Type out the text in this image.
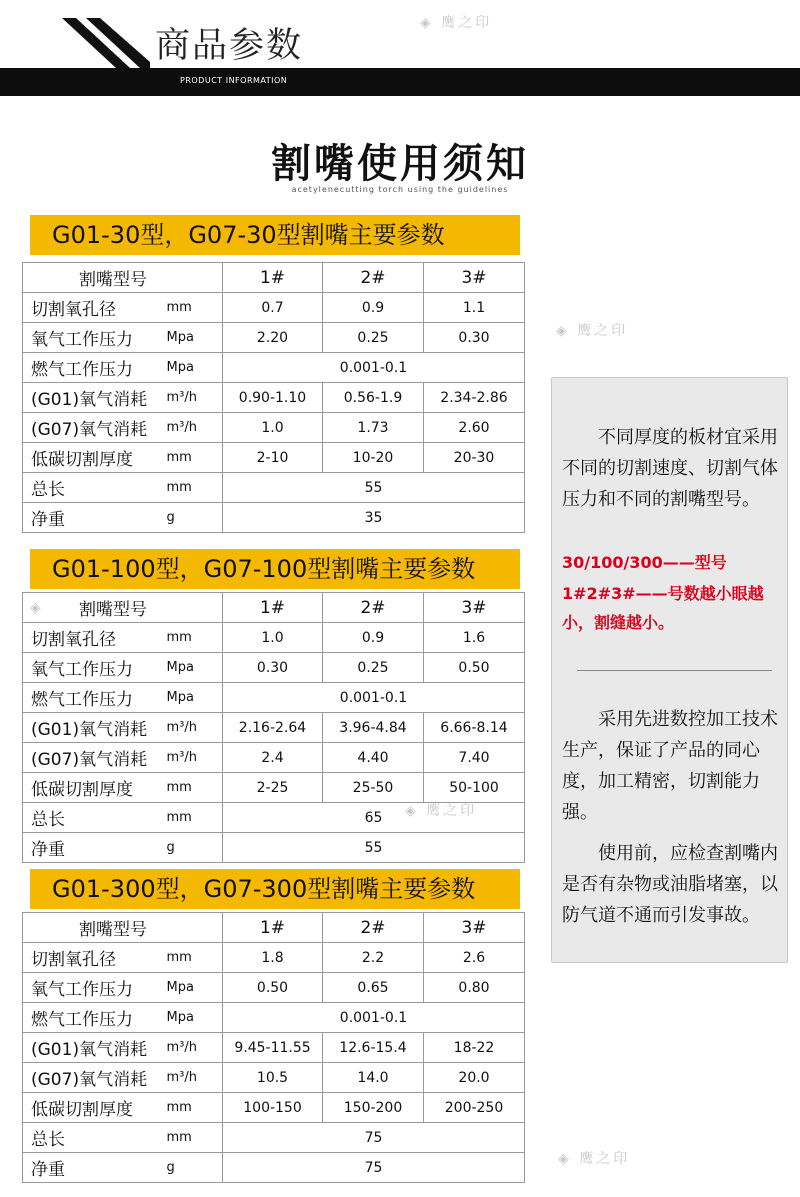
商品参数
PRODUCT INFORMATION
◈ 鹰之印
◈ 鹰之印
◈
◈ 鹰之印
◈ 鹰之印
割嘴使用须知
acetylenecutting torch using the guidelines
G01-30型，G07-30型割嘴主要参数
割嘴型号		1#	2#	3#
切割氧孔径	mm	0.7	0.9	1.1
氧气工作压力	Mpa	2.20	0.25	0.30
燃气工作压力	Mpa	0.001-0.1		
(G01)氧气消耗	m³/h	0.90-1.10	0.56-1.9	2.34-2.86
(G07)氧气消耗	m³/h	1.0	1.73	2.60
低碳切割厚度	mm	2-10	10-20	20-30
总长	mm	55		
净重	g	35		
G01-100型，G07-100型割嘴主要参数
割嘴型号		1#	2#	3#
切割氧孔径	mm	1.0	0.9	1.6
氧气工作压力	Mpa	0.30	0.25	0.50
燃气工作压力	Mpa	0.001-0.1		
(G01)氧气消耗	m³/h	2.16-2.64	3.96-4.84	6.66-8.14
(G07)氧气消耗	m³/h	2.4	4.40	7.40
低碳切割厚度	mm	2-25	25-50	50-100
总长	mm	65		
净重	g	55		
G01-300型，G07-300型割嘴主要参数
割嘴型号		1#	2#	3#
切割氧孔径	mm	1.8	2.2	2.6
氧气工作压力	Mpa	0.50	0.65	0.80
燃气工作压力	Mpa	0.001-0.1		
(G01)氧气消耗	m³/h	9.45-11.55	12.6-15.4	18-22
(G07)氧气消耗	m³/h	10.5	14.0	20.0
低碳切割厚度	mm	100-150	150-200	200-250
总长	mm	75		
净重	g	75		
不同厚度的板材宜采用不同的切割速度、切割气体压力和不同的割嘴型号。
30/100/300——型号
1#2#3#——号数越小眼越小，割缝越小。
采用先进数控加工技术生产，保证了产品的同心度，加工精密，切割能力强。
使用前，应检查割嘴内是否有杂物或油脂堵塞，以防气道不通而引发事故。
